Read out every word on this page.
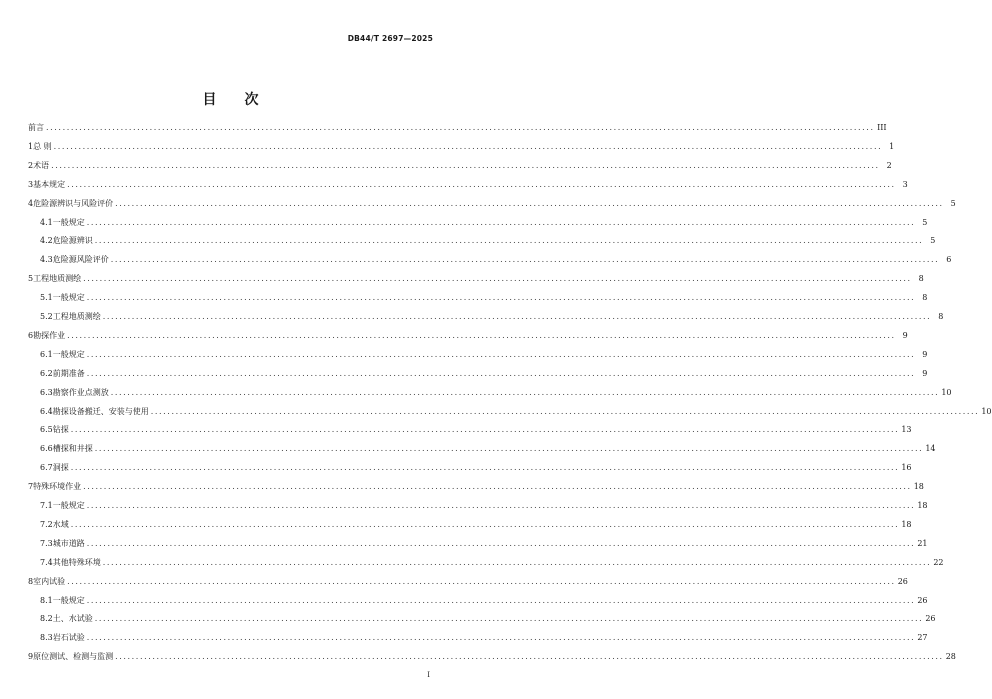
DB44/T 2697—2025
目 次
前言 ........................................................................................................................................................................................................ III
1 总 则 ........................................................................................................................................................................................................ 1
2 术语 ........................................................................................................................................................................................................ 2
3 基本规定 ........................................................................................................................................................................................................ 3
4 危险源辨识与风险评价 ........................................................................................................................................................................................................ 5
4.1 一般规定 ........................................................................................................................................................................................................ 5
4.2 危险源辨识 ........................................................................................................................................................................................................ 5
4.3 危险源风险评价 ........................................................................................................................................................................................................ 6
5 工程地质测绘 ........................................................................................................................................................................................................ 8
5.1 一般规定 ........................................................................................................................................................................................................ 8
5.2 工程地质测绘 ........................................................................................................................................................................................................ 8
6 勘探作业 ........................................................................................................................................................................................................ 9
6.1 一般规定 ........................................................................................................................................................................................................ 9
6.2 前期准备 ........................................................................................................................................................................................................ 9
6.3 勘察作业点测放 ........................................................................................................................................................................................................ 10
6.4 勘探设备搬迁、安装与使用 ........................................................................................................................................................................................................ 10
6.5 钻探 ........................................................................................................................................................................................................ 13
6.6 槽探和井探 ........................................................................................................................................................................................................ 14
6.7 洞探 ........................................................................................................................................................................................................ 16
7 特殊环境作业 ........................................................................................................................................................................................................ 18
7.1 一般规定 ........................................................................................................................................................................................................ 18
7.2 水域 ........................................................................................................................................................................................................ 18
7.3 城市道路 ........................................................................................................................................................................................................ 21
7.4 其他特殊环境 ........................................................................................................................................................................................................ 22
8 室内试验 ........................................................................................................................................................................................................ 26
8.1 一般规定 ........................................................................................................................................................................................................ 26
8.2 土、水试验 ........................................................................................................................................................................................................ 26
8.3 岩石试验 ........................................................................................................................................................................................................ 27
9 原位测试、检测与监测 ........................................................................................................................................................................................................ 28
I
